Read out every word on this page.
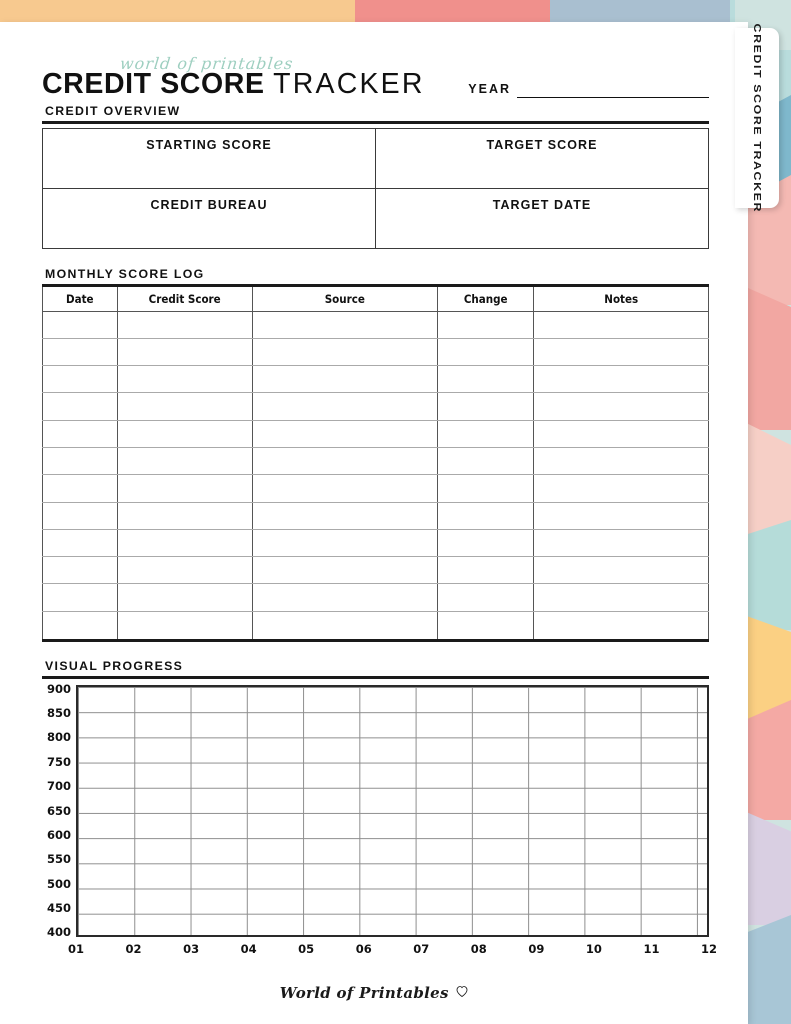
world of printables
CREDIT SCORE TRACKER	YEAR
CREDIT OVERVIEW
STARTING SCORE	TARGET SCORE
CREDIT BUREAU	TARGET DATE
MONTHLY SCORE LOG
Date	Credit Score	Source	Change	Notes

VISUAL PROGRESS
900
850
800
750
700
650
600
550
500
450
400
01	02	03	04	05	06	07	08	09	10	11	12
World of Printables
CREDIT SCORE TRACKER
